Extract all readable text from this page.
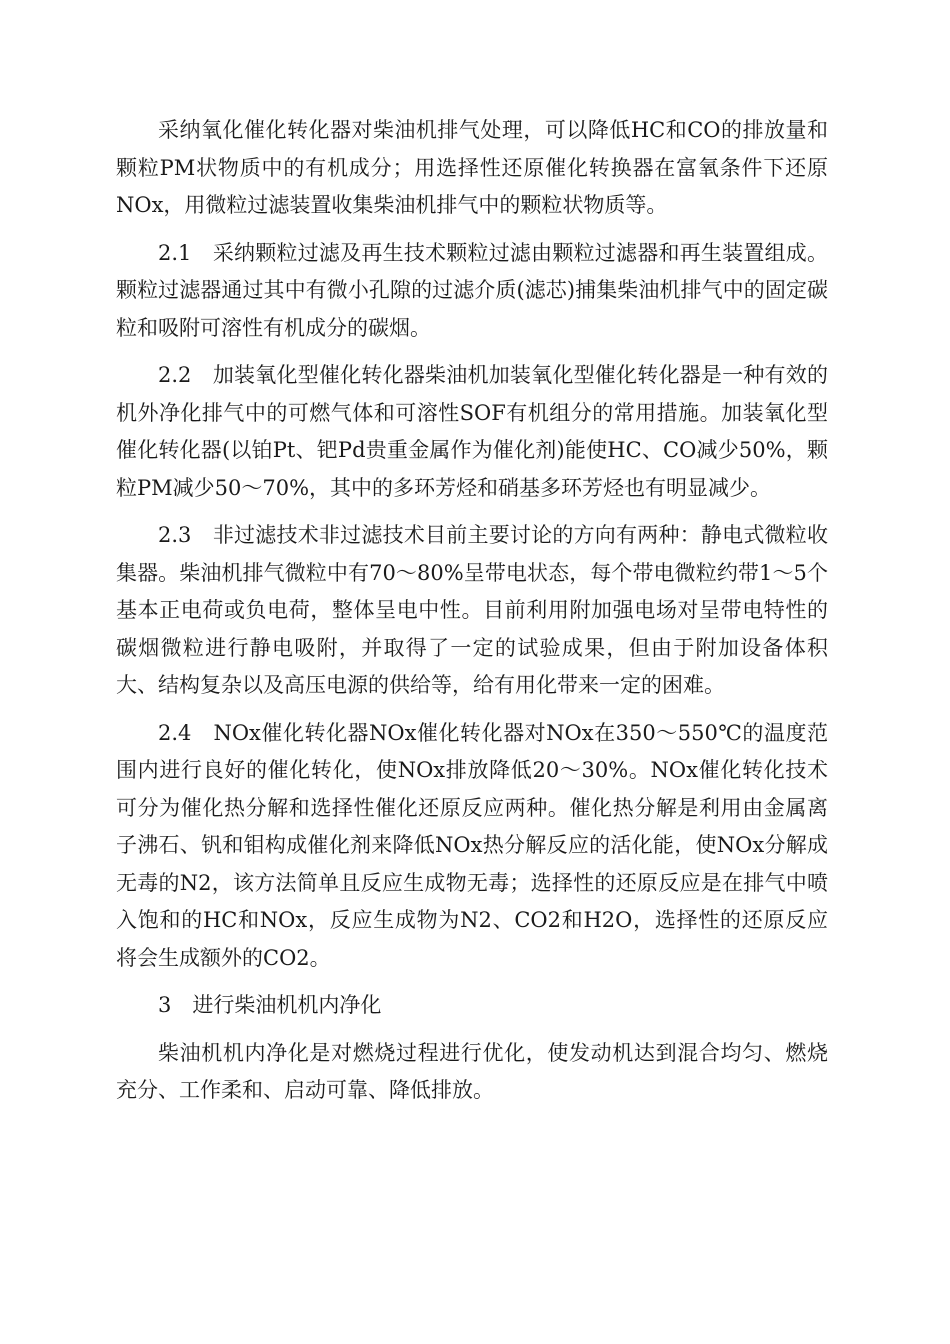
采纳氧化催化转化器对柴油机排气处理，可以降低HC和CO的排放量和颗粒PM状物质中的有机成分；用选择性还原催化转换器在富氧条件下还原NOx，用微粒过滤装置收集柴油机排气中的颗粒状物质等。

2.1　采纳颗粒过滤及再生技术颗粒过滤由颗粒过滤器和再生装置组成。颗粒过滤器通过其中有微小孔隙的过滤介质(滤芯)捕集柴油机排气中的固定碳粒和吸附可溶性有机成分的碳烟。

2.2　加装氧化型催化转化器柴油机加装氧化型催化转化器是一种有效的机外净化排气中的可燃气体和可溶性SOF有机组分的常用措施。加装氧化型催化转化器(以铂Pt、钯Pd贵重金属作为催化剂)能使HC、CO减少50%，颗粒PM减少50～70%，其中的多环芳烃和硝基多环芳烃也有明显减少。

2.3　非过滤技术非过滤技术目前主要讨论的方向有两种：静电式微粒收集器。柴油机排气微粒中有70～80%呈带电状态，每个带电微粒约带1～5个基本正电荷或负电荷，整体呈电中性。目前利用附加强电场对呈带电特性的碳烟微粒进行静电吸附，并取得了一定的试验成果，但由于附加设备体积大、结构复杂以及高压电源的供给等，给有用化带来一定的困难。

2.4　NOx催化转化器NOx催化转化器对NOx在350～550℃的温度范围内进行良好的催化转化，使NOx排放降低20～30%。NOx催化转化技术可分为催化热分解和选择性催化还原反应两种。催化热分解是利用由金属离子沸石、钒和钼构成催化剂来降低NOx热分解反应的活化能，使NOx分解成无毒的N2，该方法简单且反应生成物无毒；选择性的还原反应是在排气中喷入饱和的HC和NOx，反应生成物为N2、CO2和H2O，选择性的还原反应将会生成额外的CO2。

3　进行柴油机机内净化

柴油机机内净化是对燃烧过程进行优化，使发动机达到混合均匀、燃烧充分、工作柔和、启动可靠、降低排放。
